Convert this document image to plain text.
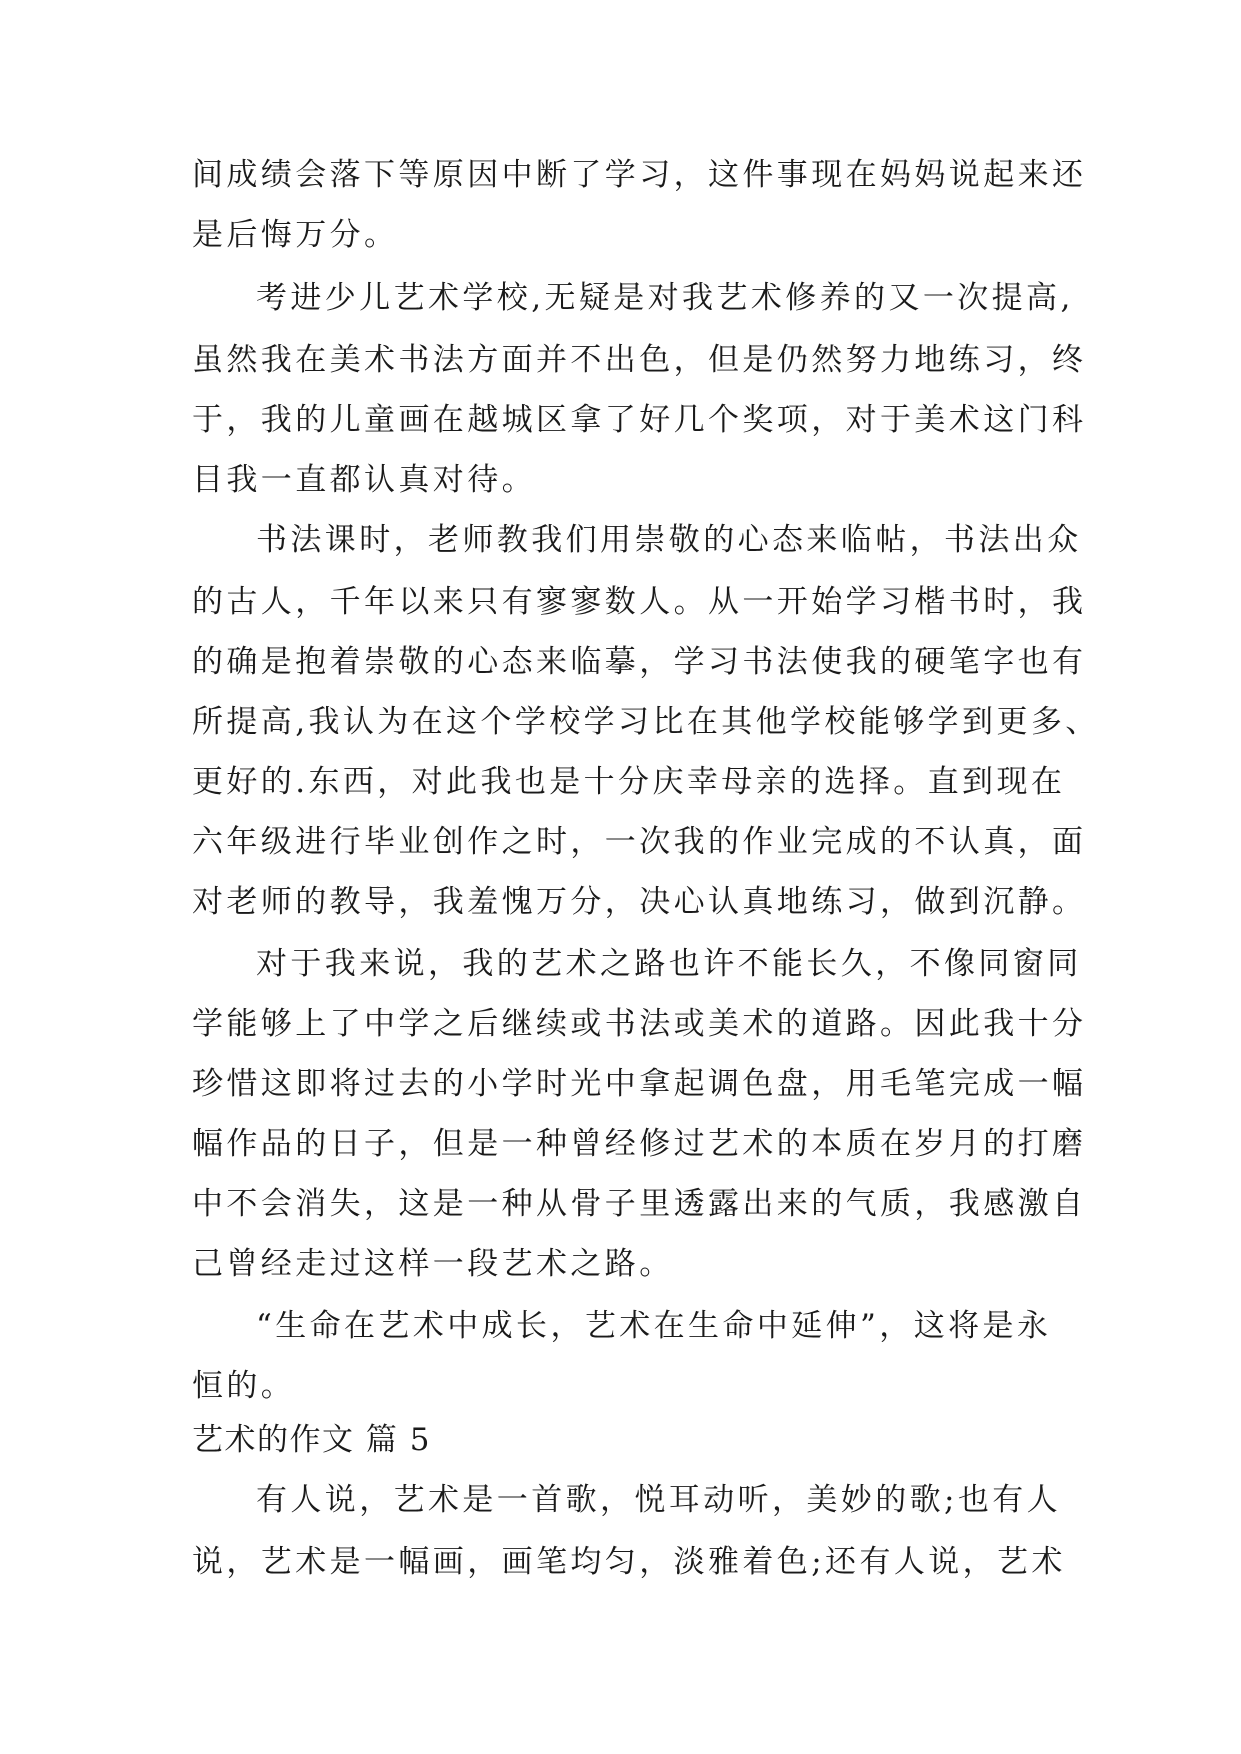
间成绩会落下等原因中断了学习，这件事现在妈妈说起来还
是后悔万分。
考进少儿艺术学校,无疑是对我艺术修养的又一次提高,
虽然我在美术书法方面并不出色，但是仍然努力地练习，终
于，我的儿童画在越城区拿了好几个奖项，对于美术这门科
目我一直都认真对待。
书法课时，老师教我们用崇敬的心态来临帖，书法出众
的古人，千年以来只有寥寥数人。从一开始学习楷书时，我
的确是抱着崇敬的心态来临摹，学习书法使我的硬笔字也有
所提高,我认为在这个学校学习比在其他学校能够学到更多、
更好的.东西，对此我也是十分庆幸母亲的选择。直到现在
六年级进行毕业创作之时，一次我的作业完成的不认真，面
对老师的教导，我羞愧万分，决心认真地练习，做到沉静。
对于我来说，我的艺术之路也许不能长久，不像同窗同
学能够上了中学之后继续或书法或美术的道路。因此我十分
珍惜这即将过去的小学时光中拿起调色盘，用毛笔完成一幅
幅作品的日子，但是一种曾经修过艺术的本质在岁月的打磨
中不会消失，这是一种从骨子里透露出来的气质，我感激自
己曾经走过这样一段艺术之路。
“生命在艺术中成长，艺术在生命中延伸”，这将是永
恒的。
艺术的作文 篇 5
有人说，艺术是一首歌，悦耳动听，美妙的歌;也有人
说，艺术是一幅画，画笔均匀，淡雅着色;还有人说，艺术
